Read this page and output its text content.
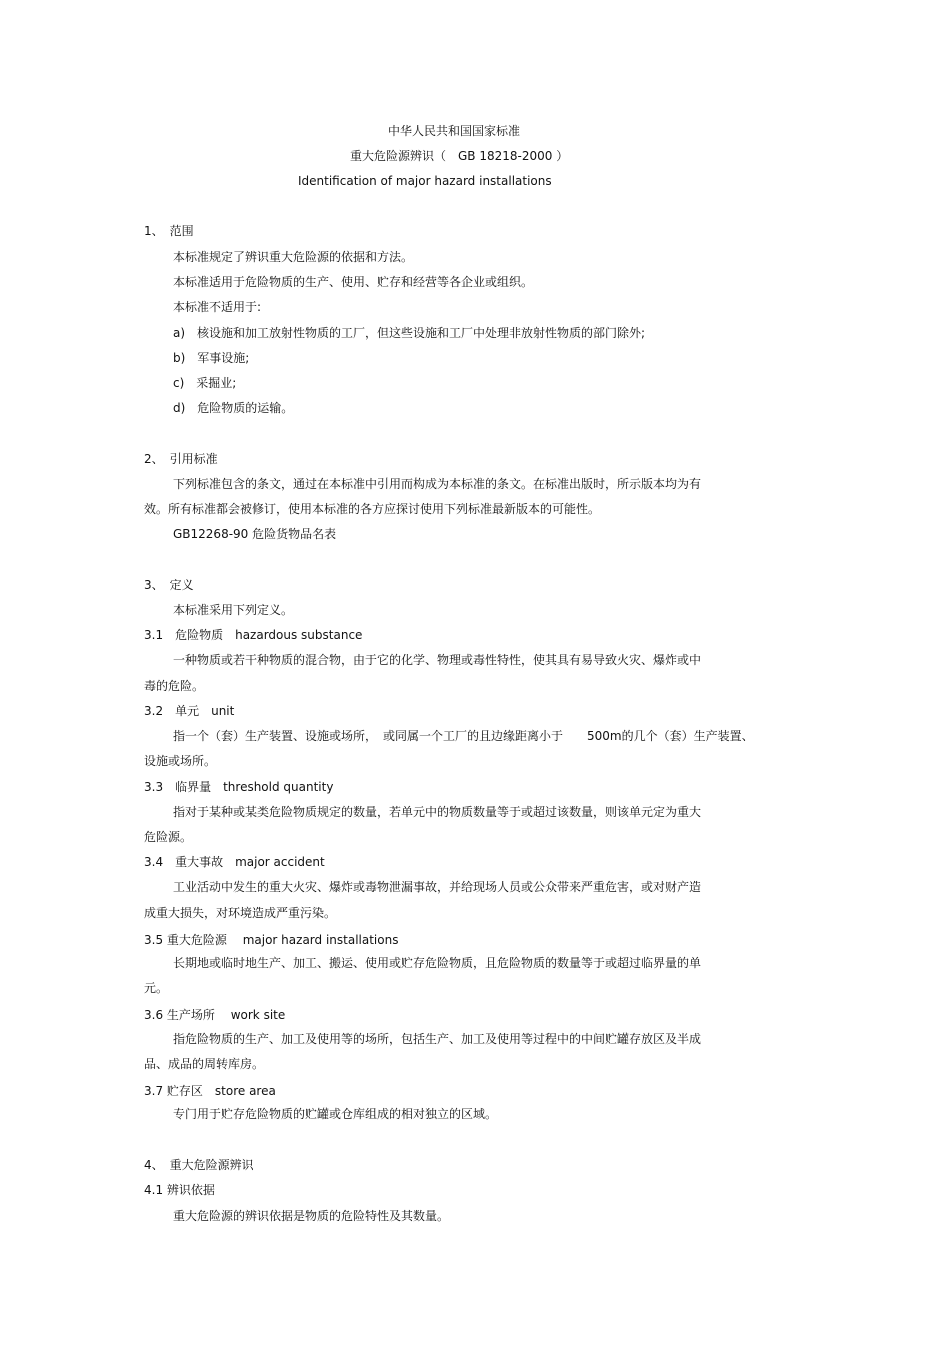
中华人民共和国国家标准

重大危险源辨识（　GB 18218-2000 ）

Identification of major hazard installations

1、　范围

本标准规定了辨识重大危险源的依据和方法。

本标准适用于危险物质的生产、使用、贮存和经营等各企业或组织。

本标准不适用于:

a)　核设施和加工放射性物质的工厂，但这些设施和工厂中处理非放射性物质的部门除外;

b)　军事设施;

c)　采掘业;

d)　危险物质的运输。

2、　引用标准

下列标准包含的条文，通过在本标准中引用而构成为本标准的条文。在标准出版时，所示版本均为有

效。所有标准都会被修订，使用本标准的各方应探讨使用下列标准最新版本的可能性。

GB12268-90 危险货物品名表

3、　定义

本标准采用下列定义。

3.1　危险物质　hazardous substance

一种物质或若干种物质的混合物，由于它的化学、物理或毒性特性，使其具有易导致火灾、爆炸或中

毒的危险。

3.2　单元　unit

指一个（套）生产装置、设施或场所，　或同属一个工厂的且边缘距离小于　　500m的几个（套）生产装置、

设施或场所。

3.3　临界量　threshold quantity

指对于某种或某类危险物质规定的数量，若单元中的物质数量等于或超过该数量，则该单元定为重大

危险源。

3.4　重大事故　major accident

工业活动中发生的重大火灾、爆炸或毒物泄漏事故，并给现场人员或公众带来严重危害，或对财产造

成重大损失，对环境造成严重污染。

3.5 重大危险源　 major hazard installations

长期地或临时地生产、加工、搬运、使用或贮存危险物质，且危险物质的数量等于或超过临界量的单

元。

3.6 生产场所　 work site

指危险物质的生产、加工及使用等的场所，包括生产、加工及使用等过程中的中间贮罐存放区及半成

品、成品的周转库房。

3.7 贮存区　store area

专门用于贮存危险物质的贮罐或仓库组成的相对独立的区域。

4、　重大危险源辨识

4.1 辨识依据

重大危险源的辨识依据是物质的危险特性及其数量。
